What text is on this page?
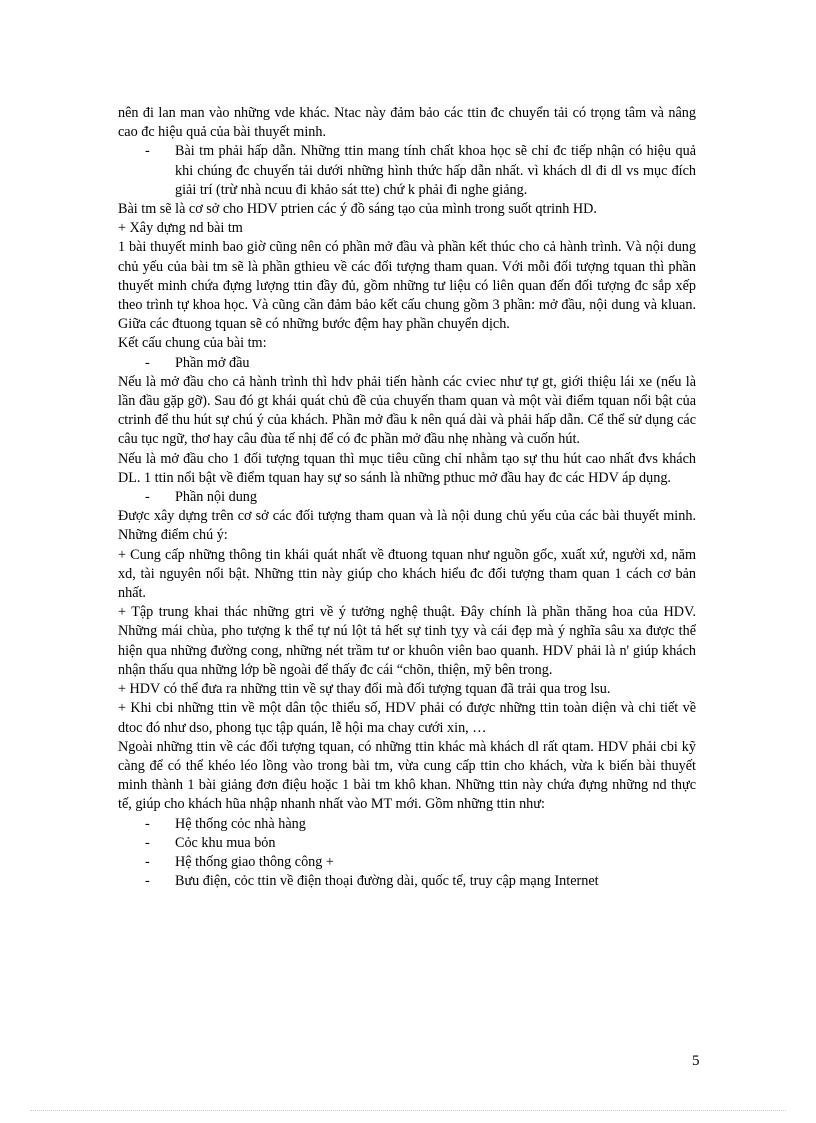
nên đi lan man vào những vde khác. Ntac này đảm bảo các ttin đc chuyển tải có trọng tâm và nâng cao đc hiệu quả của bài thuyết minh.

-	Bài tm phải hấp dẫn. Những ttin mang tính chất khoa học sẽ chỉ đc tiếp nhận có hiệu quả khi chúng đc chuyển tải dưới những hình thức hấp dẫn nhất. vì khách dl đi dl vs mục đích giải trí (trừ nhà ncuu đi khảo sát tte) chứ k phải đi nghe giảng.

Bài tm sẽ là cơ sở cho HDV ptrien các ý đồ sáng tạo của mình trong suốt qtrinh HD.

+ Xây dựng nd bài tm

1 bài thuyết minh bao giờ cũng nên có phần mở đầu và phần kết thúc cho cả hành trình. Và nội dung chủ yếu của bài tm sẽ là phần gthieu về các đối tượng tham quan. Với mỗi đối tượng tquan thì phần thuyết minh chứa đựng lượng ttin đầy đủ, gồm những tư liệu có liên quan đến đối tượng đc sắp xếp theo trình tự khoa học. Và cũng cần đảm bảo kết cấu chung gồm 3 phần: mở đầu, nội dung và kluan. Giữa các đtuong tquan sẽ có những bước đệm hay phần chuyển dịch.

Kết cấu chung của bài tm:

-	Phần mở đầu

Nếu là mở đầu cho cả hành trình thì hdv phải tiến hành các cviec như tự gt, giới thiệu lái xe (nếu là lần đầu gặp gỡ). Sau đó gt khái quát chủ đề của chuyến tham quan và một vài điểm tquan nổi bật của ctrinh để thu hút sự chú ý của khách. Phần mở đầu k nên quá dài và phải hấp dẫn. Cể thể sử dụng các câu tục ngữ, thơ hay câu đùa tế nhị để có đc phần mở đầu nhẹ nhàng và cuốn hút.

Nếu là mở đầu cho 1 đối tượng tquan thì mục tiêu cũng chỉ nhằm tạo sự thu hút cao nhất đvs khách DL. 1 ttin nổi bật về điểm tquan hay sự so sánh là những pthuc mở đầu hay đc các HDV áp dụng.

-	Phần nội dung

Được xây dựng trên cơ sở các đối tượng tham quan và là nội dung chủ yếu của các bài thuyết minh. Những điểm chú ý:

+ Cung cấp những thông tin khái quát nhất về đtuong tquan như nguồn gốc, xuất xứ, người xd, năm xd, tài nguyên nổi bật. Những ttin này giúp cho khách hiểu đc đối tượng tham quan 1 cách cơ bản nhất.

+ Tập trung khai thác những gtri về ý tưởng nghệ thuật. Đây chính là phần thăng hoa của HDV. Những mái chùa, pho tượng k thể tự nú lột tả hết sự tinh tỵy và cái đẹp mà ý nghĩa sâu xa được thể hiện qua những đường cong, những nét trầm tư or khuôn viên bao quanh. HDV phải là n' giúp khách nhận thấu qua những lớp bề ngoài để thấy đc cái “chõn, thiện, mỹ bên trong.

+ HDV có thể đưa ra những ttin về sự thay đổi mà đối tượng tquan đã trải qua trog lsu.

+ Khi cbi những ttin về một dân tộc thiểu số, HDV phải có được những ttin toàn diện và chi tiết về dtoc đó như dso, phong tục tập quán, lễ hội ma chay cưới xin, …

Ngoài những ttin về các đối tượng tquan, có những ttin khác mà khách dl rất qtam. HDV phải cbi kỹ càng để có thể khéo léo lồng vào trong bài tm, vừa cung cấp ttin cho khách, vừa k biến bài thuyết minh thành 1 bài giảng đơn điệu hoặc 1 bài tm khô khan. Những ttin này chứa đựng những nd thực tế, giúp cho khách hũa nhập nhanh nhất vào MT mới. Gồm những ttin như:

-	Hệ thống cỏc nhà hàng
-	Cỏc khu mua bỏn
-	Hệ thống giao thông công +
-	Bưu điện, cỏc ttin về điện thoại đường dài, quốc tế, truy cập mạng Internet
5
